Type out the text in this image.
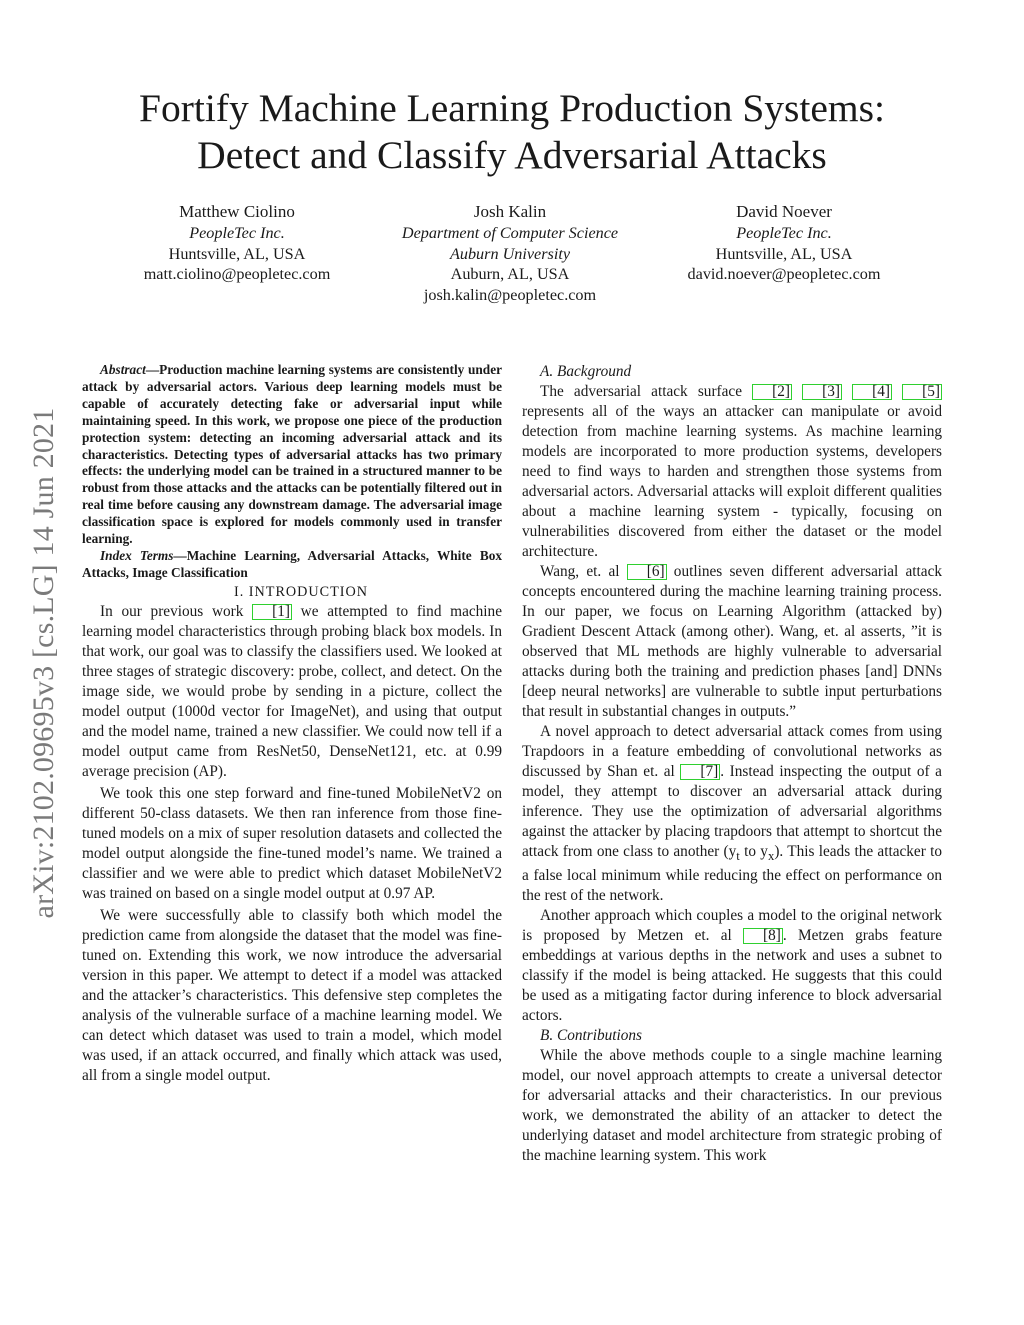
Fortify Machine Learning Production Systems:
Detect and Classify Adversarial Attacks
Matthew Ciolino
PeopleTec Inc.
Huntsville, AL, USA
matt.ciolino@peopletec.com
Josh Kalin
Department of Computer Science
Auburn University
Auburn, AL, USA
josh.kalin@peopletec.com
David Noever
PeopleTec Inc.
Huntsville, AL, USA
david.noever@peopletec.com
arXiv:2102.09695v3 [cs.LG] 14 Jun 2021

Abstract—Production machine learning systems are consistently under attack by adversarial actors. Various deep learning models must be capable of accurately detecting fake or adversarial input while maintaining speed. In this work, we propose one piece of the production protection system: detecting an incoming adversarial attack and its characteristics. Detecting types of adversarial attacks has two primary effects: the underlying model can be trained in a structured manner to be robust from those attacks and the attacks can be potentially filtered out in real time before causing any downstream damage. The adversarial image classification space is explored for models commonly used in transfer learning.

Index Terms—Machine Learning, Adversarial Attacks, White Box Attacks, Image Classification

I. INTRODUCTION

In our previous work [1] we attempted to find machine learning model characteristics through probing black box models. In that work, our goal was to classify the classifiers used. We looked at three stages of strategic discovery: probe, collect, and detect. On the image side, we would probe by sending in a picture, collect the model output (1000d vector for ImageNet), and using that output and the model name, trained a new classifier. We could now tell if a model output came from ResNet50, DenseNet121, etc. at 0.99 average precision (AP).

We took this one step forward and fine-tuned MobileNetV2 on different 50-class datasets. We then ran inference from those fine-tuned models on a mix of super resolution datasets and collected the model output alongside the fine-tuned model’s name. We trained a classifier and we were able to predict which dataset MobileNetV2 was trained on based on a single model output at 0.97 AP.

We were successfully able to classify both which model the prediction came from alongside the dataset that the model was fine-tuned on. Extending this work, we now introduce the adversarial version in this paper. We attempt to detect if a model was attacked and the attacker’s characteristics. This defensive step completes the analysis of the vulnerable surface of a machine learning model. We can detect which dataset was used to train a model, which model was used, if an attack occurred, and finally which attack was used, all from a single model output.

A. Background

The adversarial attack surface [2] [3] [4] [5] represents all of the ways an attacker can manipulate or avoid detection from machine learning systems. As machine learning models are incorporated to more production systems, developers need to find ways to harden and strengthen those systems from adversarial actors. Adversarial attacks will exploit different qualities about a machine learning system - typically, focusing on vulnerabilities discovered from either the dataset or the model architecture.

Wang, et. al [6] outlines seven different adversarial attack concepts encountered during the machine learning training process. In our paper, we focus on Learning Algorithm (attacked by) Gradient Descent Attack (among other). Wang, et. al asserts, ”it is observed that ML methods are highly vulnerable to adversarial attacks during both the training and prediction phases [and] DNNs [deep neural networks] are vulnerable to subtle input perturbations that result in substantial changes in outputs.”

A novel approach to detect adversarial attack comes from using Trapdoors in a feature embedding of convolutional networks as discussed by Shan et. al [7] . Instead inspecting the output of a model, they attempt to discover an adversarial attack during inference. They use the optimization of adversarial algorithms against the attacker by placing trapdoors that attempt to shortcut the attack from one class to another ($y_t$ to $y_x$). This leads the attacker to a false local minimum while reducing the effect on performance on the rest of the network.

Another approach which couples a model to the original network is proposed by Metzen et. al [8] . Metzen grabs feature embeddings at various depths in the network and uses a subnet to classify if the model is being attacked. He suggests that this could be used as a mitigating factor during inference to block adversarial actors.

B. Contributions

While the above methods couple to a single machine learning model, our novel approach attempts to create a universal detector for adversarial attacks and their characteristics. In our previous work, we demonstrated the ability of an attacker to detect the underlying dataset and model architecture from strategic probing of the machine learning system. This work
